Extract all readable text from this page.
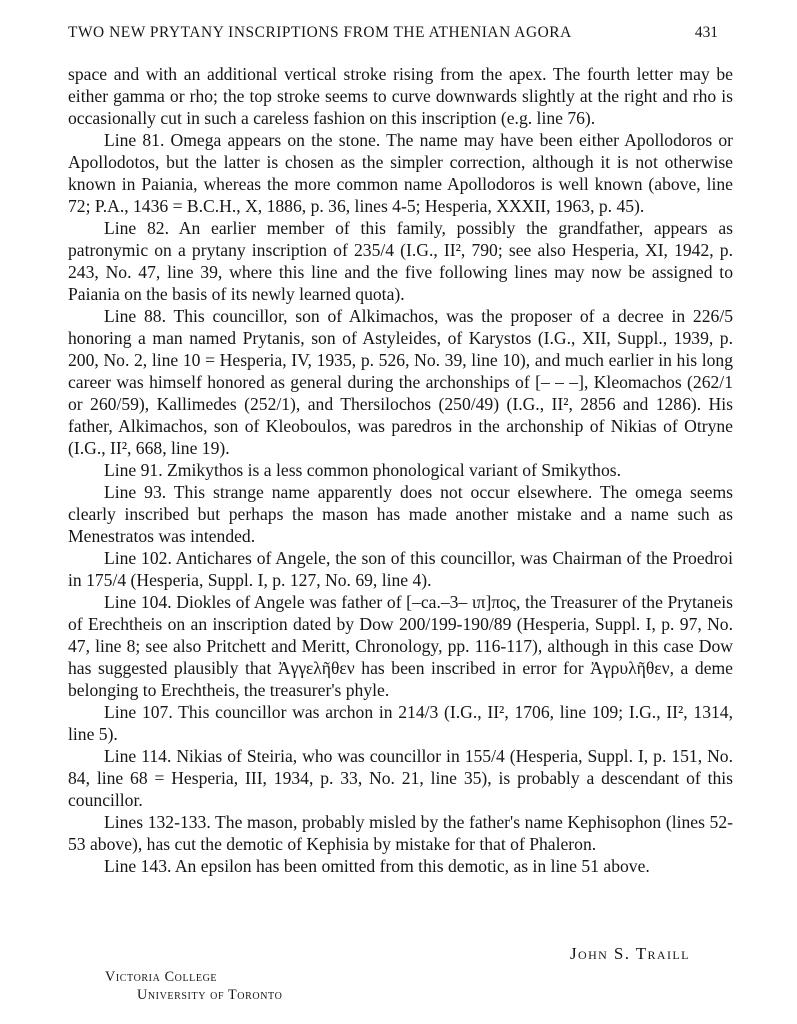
TWO NEW PRYTANY INSCRIPTIONS FROM THE ATHENIAN AGORA	431

space and with an additional vertical stroke rising from the apex. The fourth letter may be either gamma or rho; the top stroke seems to curve downwards slightly at the right and rho is occasionally cut in such a careless fashion on this inscription (e.g. line 76).

Line 81. Omega appears on the stone. The name may have been either Apollodoros or Apollodotos, but the latter is chosen as the simpler correction, although it is not otherwise known in Paiania, whereas the more common name Apollodoros is well known (above, line 72; P.A., 1436 = B.C.H., X, 1886, p. 36, lines 4-5; Hesperia, XXXII, 1963, p. 45).

Line 82. An earlier member of this family, possibly the grandfather, appears as patronymic on a prytany inscription of 235/4 (I.G., II², 790; see also Hesperia, XI, 1942, p. 243, No. 47, line 39, where this line and the five following lines may now be assigned to Paiania on the basis of its newly learned quota).

Line 88. This councillor, son of Alkimachos, was the proposer of a decree in 226/5 honoring a man named Prytanis, son of Astyleides, of Karystos (I.G., XII, Suppl., 1939, p. 200, No. 2, line 10 = Hesperia, IV, 1935, p. 526, No. 39, line 10), and much earlier in his long career was himself honored as general during the archonships of [– – –], Kleomachos (262/1 or 260/59), Kallimedes (252/1), and Thersilochos (250/49) (I.G., II², 2856 and 1286). His father, Alkimachos, son of Kleoboulos, was paredros in the archonship of Nikias of Otryne (I.G., II², 668, line 19).

Line 91. Zmikythos is a less common phonological variant of Smikythos.

Line 93. This strange name apparently does not occur elsewhere. The omega seems clearly inscribed but perhaps the mason has made another mistake and a name such as Menestratos was intended.

Line 102. Antichares of Angele, the son of this councillor, was Chairman of the Proedroi in 175/4 (Hesperia, Suppl. I, p. 127, No. 69, line 4).

Line 104. Diokles of Angele was father of [–ca.–3– ιπ]πος, the Treasurer of the Prytaneis of Erechtheis on an inscription dated by Dow 200/199-190/89 (Hesperia, Suppl. I, p. 97, No. 47, line 8; see also Pritchett and Meritt, Chronology, pp. 116-117), although in this case Dow has suggested plausibly that Ἀγγελῆθεν has been inscribed in error for Ἀγρυλῆθεν, a deme belonging to Erechtheis, the treasurer's phyle.

Line 107. This councillor was archon in 214/3 (I.G., II², 1706, line 109; I.G., II², 1314, line 5).

Line 114. Nikias of Steiria, who was councillor in 155/4 (Hesperia, Suppl. I, p. 151, No. 84, line 68 = Hesperia, III, 1934, p. 33, No. 21, line 35), is probably a descendant of this councillor.

Lines 132-133. The mason, probably misled by the father's name Kephisophon (lines 52-53 above), has cut the demotic of Kephisia by mistake for that of Phaleron.

Line 143. An epsilon has been omitted from this demotic, as in line 51 above.

John S. Traill
Victoria College
University of Toronto
